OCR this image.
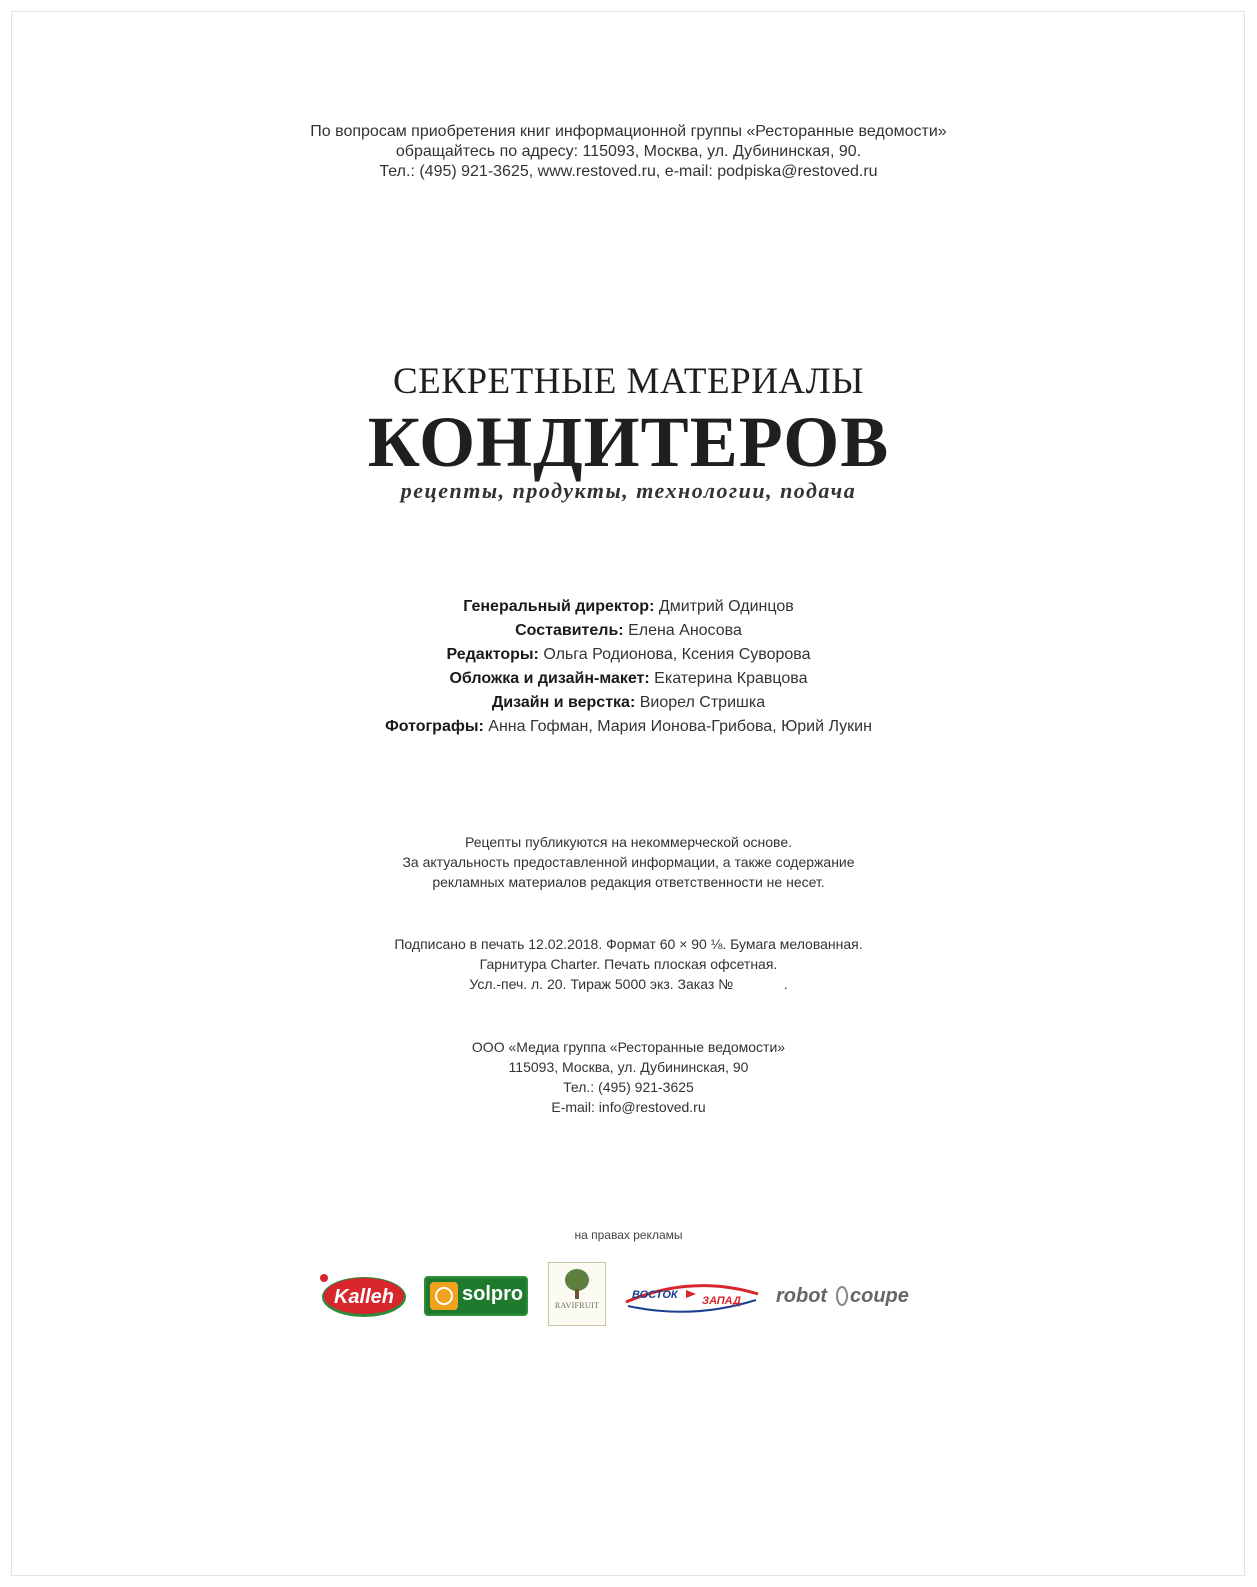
По вопросам приобретения книг информационной группы «Ресторанные ведомости»
обращайтесь по адресу: 115093, Москва, ул. Дубининская, 90.
Тел.: (495) 921-3625, www.restoved.ru, e-mail: podpiska@restoved.ru
СЕКРЕТНЫЕ МАТЕРИАЛЫ
КОНДИТЕРОВ
рецепты, продукты, технологии, подача
Генеральный директор: Дмитрий Одинцов
Составитель: Елена Аносова
Редакторы: Ольга Родионова, Ксения Суворова
Обложка и дизайн-макет: Екатерина Кравцова
Дизайн и верстка: Виорел Стришка
Фотографы: Анна Гофман, Мария Ионова-Грибова, Юрий Лукин
Рецепты публикуются на некоммерческой основе.
За актуальность предоставленной информации, а также содержание
рекламных материалов редакция ответственности не несет.
Подписано в печать 12.02.2018. Формат 60 × 90 ⅛. Бумага мелованная.
Гарнитура Charter. Печать плоская офсетная.
Усл.-печ. л. 20. Тираж 5000 экз. Заказ №             .
ООО «Медиа группа «Ресторанные ведомости»
115093, Москва, ул. Дубининская, 90
Тел.: (495) 921-3625
E-mail: info@restoved.ru
на правах рекламы
Kalleh	solpro
RAVIFRUIT
ВОСТОК ЗАПАД robot coupe
